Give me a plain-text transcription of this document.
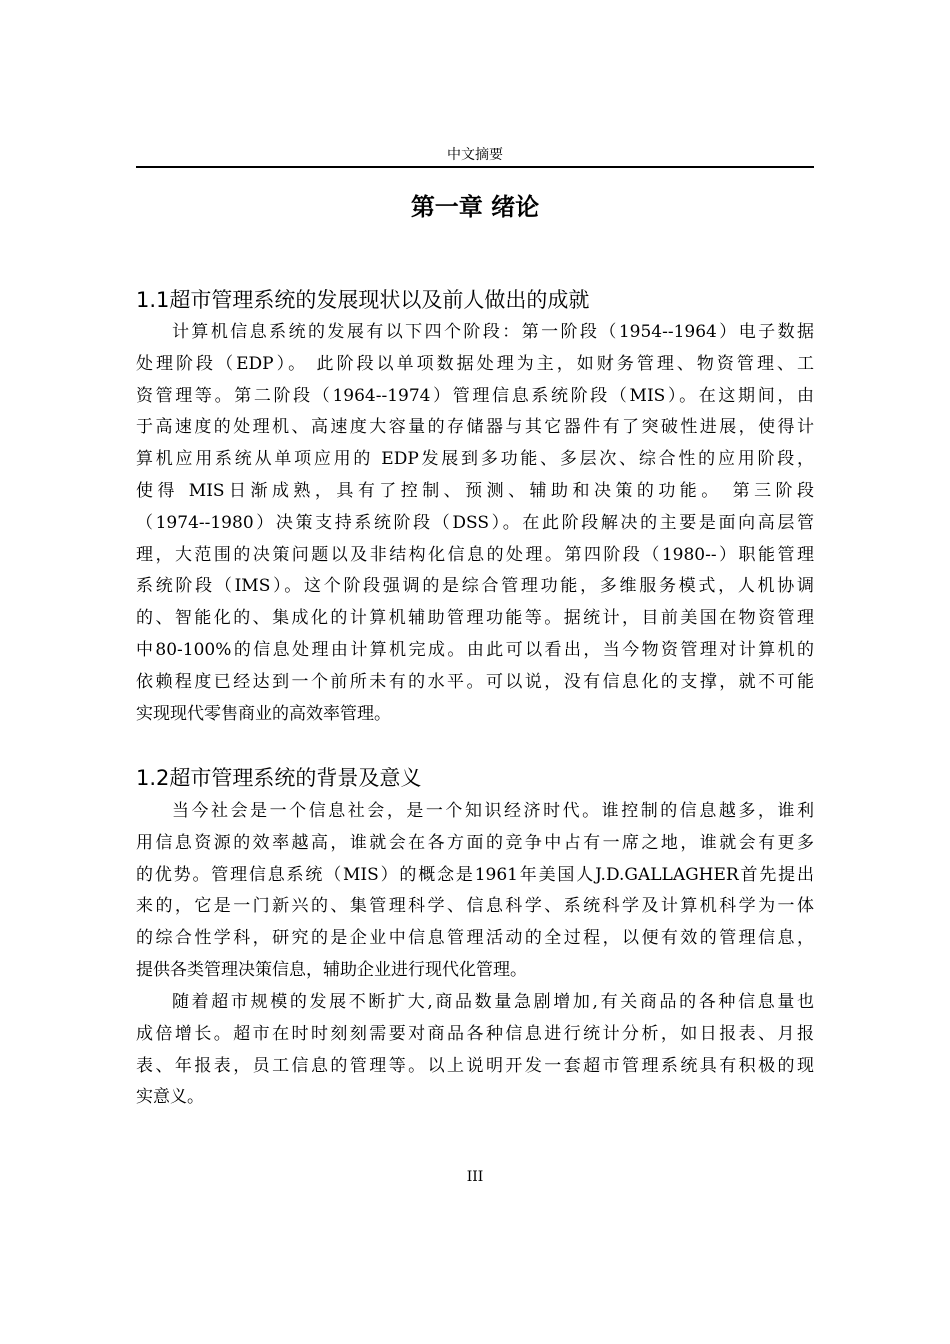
中文摘要
第一章 绪论
1.1超市管理系统的发展现状以及前人做出的成就
计算机信息系统的发展有以下四个阶段：第一阶段（1954--1964）电子数据
处理阶段（EDP）。 此阶段以单项数据处理为主，如财务管理、物资管理、工
资管理等。第二阶段（1964--1974）管理信息系统阶段（MIS）。在这期间，由
于高速度的处理机、高速度大容量的存储器与其它器件有了突破性进展，使得计
算机应用系统从单项应用的 EDP发展到多功能、多层次、综合性的应用阶段，
使得 MIS日渐成熟，具有了控制、预测、辅助和决策的功能。 第三阶段
（1974--1980）决策支持系统阶段（DSS）。在此阶段解决的主要是面向高层管
理，大范围的决策问题以及非结构化信息的处理。第四阶段（1980--）职能管理
系统阶段（IMS）。这个阶段强调的是综合管理功能，多维服务模式，人机协调
的、智能化的、集成化的计算机辅助管理功能等。据统计，目前美国在物资管理
中80-100%的信息处理由计算机完成。由此可以看出，当今物资管理对计算机的
依赖程度已经达到一个前所未有的水平。可以说，没有信息化的支撑，就不可能
实现现代零售商业的高效率管理。
1.2超市管理系统的背景及意义
当今社会是一个信息社会，是一个知识经济时代。谁控制的信息越多，谁利
用信息资源的效率越高，谁就会在各方面的竞争中占有一席之地，谁就会有更多
的优势。管理信息系统（MIS）的概念是1961年美国人J.D.GALLAGHER首先提出
来的，它是一门新兴的、集管理科学、信息科学、系统科学及计算机科学为一体
的综合性学科，研究的是企业中信息管理活动的全过程，以便有效的管理信息，
提供各类管理决策信息，辅助企业进行现代化管理。
随着超市规模的发展不断扩大,商品数量急剧增加,有关商品的各种信息量也
成倍增长。超市在时时刻刻需要对商品各种信息进行统计分析，如日报表、月报
表、年报表，员工信息的管理等。以上说明开发一套超市管理系统具有积极的现
实意义。
III
